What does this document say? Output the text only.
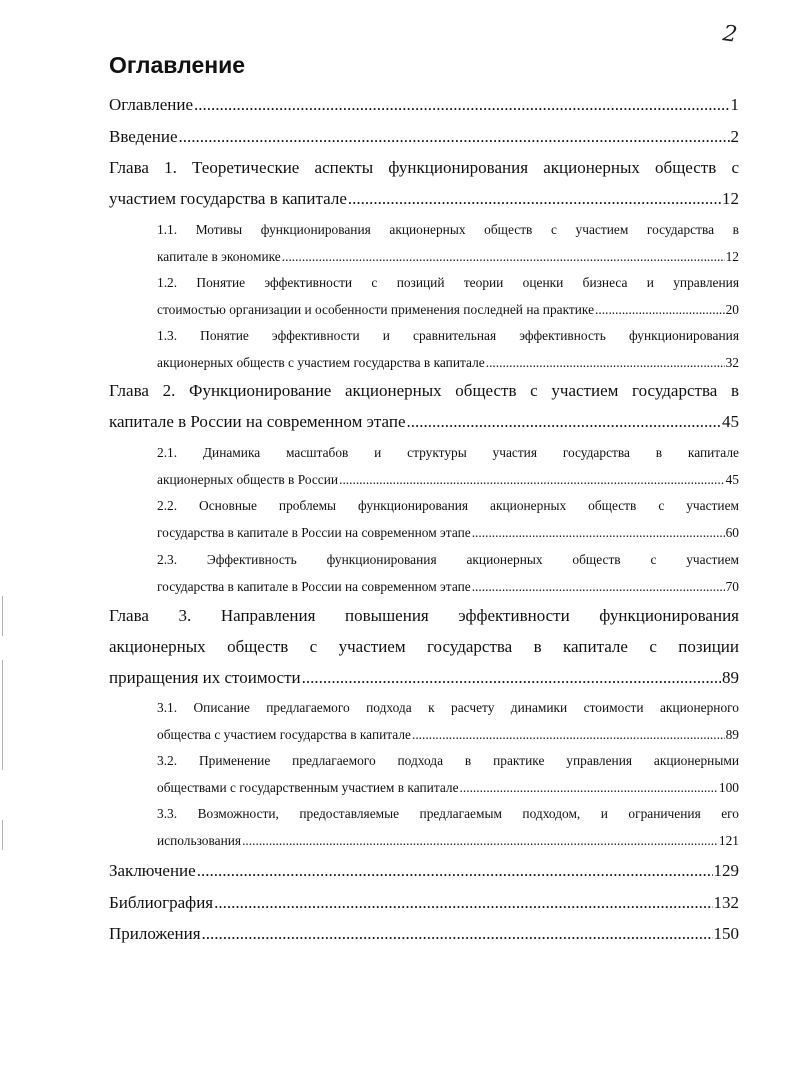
2
Оглавление
Оглавление .....	1
Введение .....	2
Глава 1. Теоретические аспекты функционирования акционерных обществ с
участием государства в капитале .....	12
1.1. Мотивы функционирования акционерных обществ с участием государства в
капитале в экономике .....	12
1.2. Понятие эффективности с позиций теории оценки бизнеса и управления
стоимостью организации и особенности применения последней на практике .....	20
1.3. Понятие эффективности и сравнительная эффективность функционирования
акционерных обществ с участием государства в капитале .....	32
Глава 2. Функционирование акционерных обществ с участием государства в
капитале в России на современном этапе .....	45
2.1. Динамика масштабов и структуры участия государства в капитале
акционерных обществ в России .....	45
2.2. Основные проблемы функционирования акционерных обществ с участием
государства в капитале в России на современном этапе .....	60
2.3. Эффективность функционирования акционерных обществ с участием
государства в капитале в России на современном этапе .....	70
Глава 3. Направления повышения эффективности функционирования
акционерных обществ с участием государства в капитале с позиции
приращения их стоимости .....	89
3.1. Описание предлагаемого подхода к расчету динамики стоимости акционерного
общества с участием государства в капитале .....	89
3.2. Применение предлагаемого подхода в практике управления акционерными
обществами с государственным участием в капитале .....	100
3.3. Возможности, предоставляемые предлагаемым подходом, и ограничения его
использования .....	121
Заключение .....	129
Библиография .....	132
Приложения .....	150
